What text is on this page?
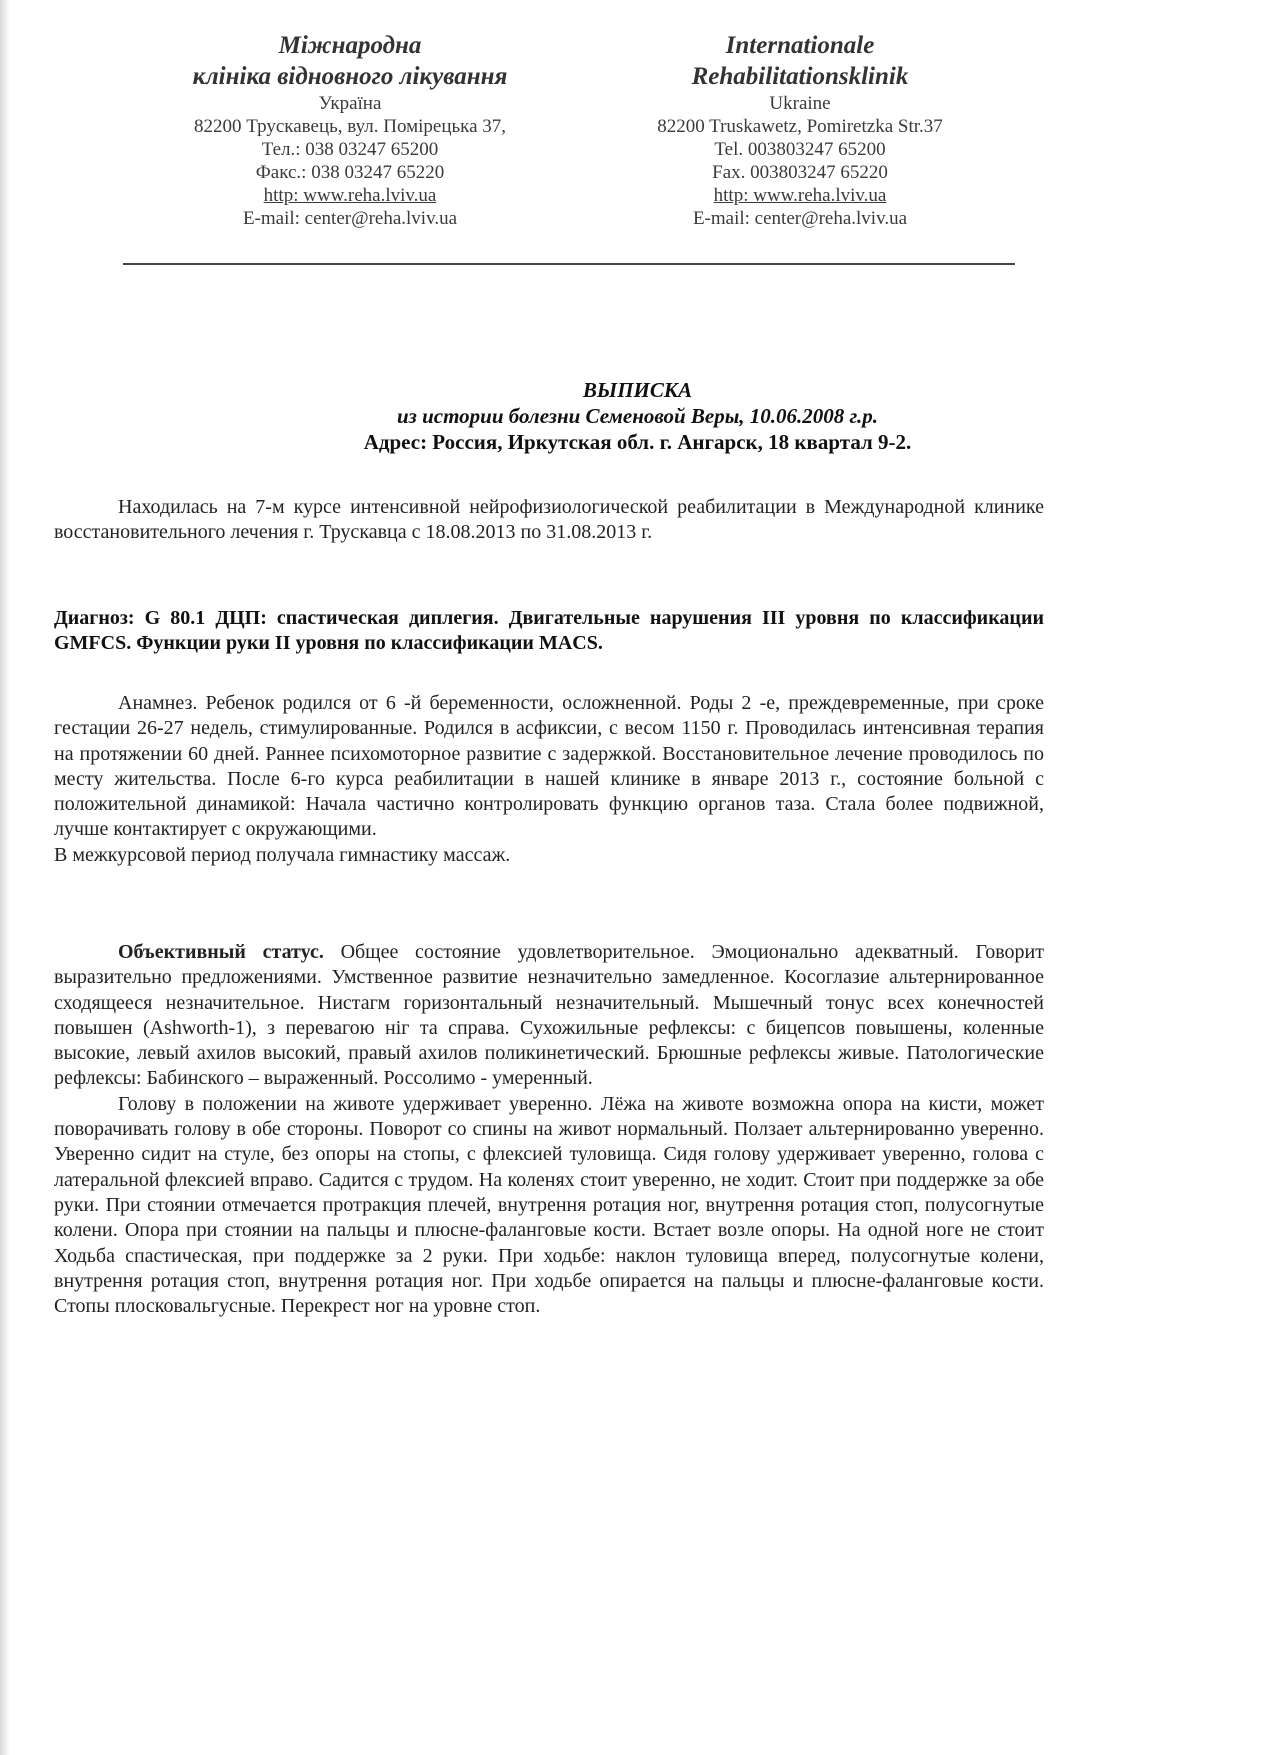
Міжнародна
клініка відновного лікування
Україна
82200 Трускавець, вул. Помірецька 37,
Тел.: 038 03247 65200
Факс.: 038 03247 65220
http: www.reha.lviv.ua
E-mail: center@reha.lviv.ua
Internationale
Rehabilitationsklinik
Ukraine
82200 Truskawetz, Pomiretzka Str.37
Tel. 003803247 65200
Fax. 003803247 65220
http: www.reha.lviv.ua
E-mail: center@reha.lviv.ua
ВЫПИСКА
из истории болезни Семеновой Веры, 10.06.2008 г.р.
Адрес: Россия, Иркутская обл. г. Ангарск, 18 квартал 9-2.

Находилась на 7-м курсе интенсивной нейрофизиологической реабилитации в Международной клинике восстановительного лечения г. Трускавца с 18.08.2013 по 31.08.2013 г.

Диагноз: G 80.1 ДЦП: спастическая диплегия. Двигательные нарушения III уровня по классификации GMFCS. Функции руки II уровня по классификации MACS.

Анамнез. Ребенок родился от 6 -й беременности, осложненной. Роды 2 -е, преждевременные, при сроке гестации 26-27 недель, стимулированные. Родился в асфиксии, с весом 1150 г. Проводилась интенсивная терапия на протяжении 60 дней. Раннее психомоторное развитие с задержкой. Восстановительное лечение проводилось по месту жительства. После 6-го курса реабилитации в нашей клинике в январе 2013 г., состояние больной с положительной динамикой: Начала частично контролировать функцию органов таза. Стала более подвижной, лучше контактирует с окружающими.

В межкурсовой период получала гимнастику массаж.

Объективный статус. Общее состояние удовлетворительное. Эмоционально адекватный. Говорит выразительно предложениями. Умственное развитие незначительно замедленное. Косоглазие альтернированное сходящееся незначительное. Нистагм горизонтальный незначительный. Мышечный тонус всех конечностей повышен (Ashworth-1), з перевагою ніг та справа. Сухожильные рефлексы: с бицепсов повышены, коленные высокие, левый ахилов высокий, правый ахилов поликинетический. Брюшные рефлексы живые. Патологические рефлексы: Бабинского – выраженный. Россолимо - умеренный.

Голову в положении на животе удерживает уверенно. Лёжа на животе возможна опора на кисти, может поворачивать голову в обе стороны. Поворот со спины на живот нормальный. Ползает альтернированно уверенно. Уверенно сидит на стуле, без опоры на стопы, с флексией туловища. Сидя голову удерживает уверенно, голова с латеральной флексией вправо. Садится с трудом. На коленях стоит уверенно, не ходит. Стоит при поддержке за обе руки. При стоянии отмечается протракция плечей, внутрення ротация ног, внутрення ротация стоп, полусогнутые колени. Опора при стоянии на пальцы и плюсне-фаланговые кости. Встает возле опоры. На одной ноге не стоит Ходьба спастическая, при поддержке за 2 руки. При ходьбе: наклон туловища вперед, полусогнутые колени, внутрення ротация стоп, внутрення ротация ног. При ходьбе опирается на пальцы и плюсне-фаланговые кости. Стопы плосковальгусные. Перекрест ног на уровне стоп.
